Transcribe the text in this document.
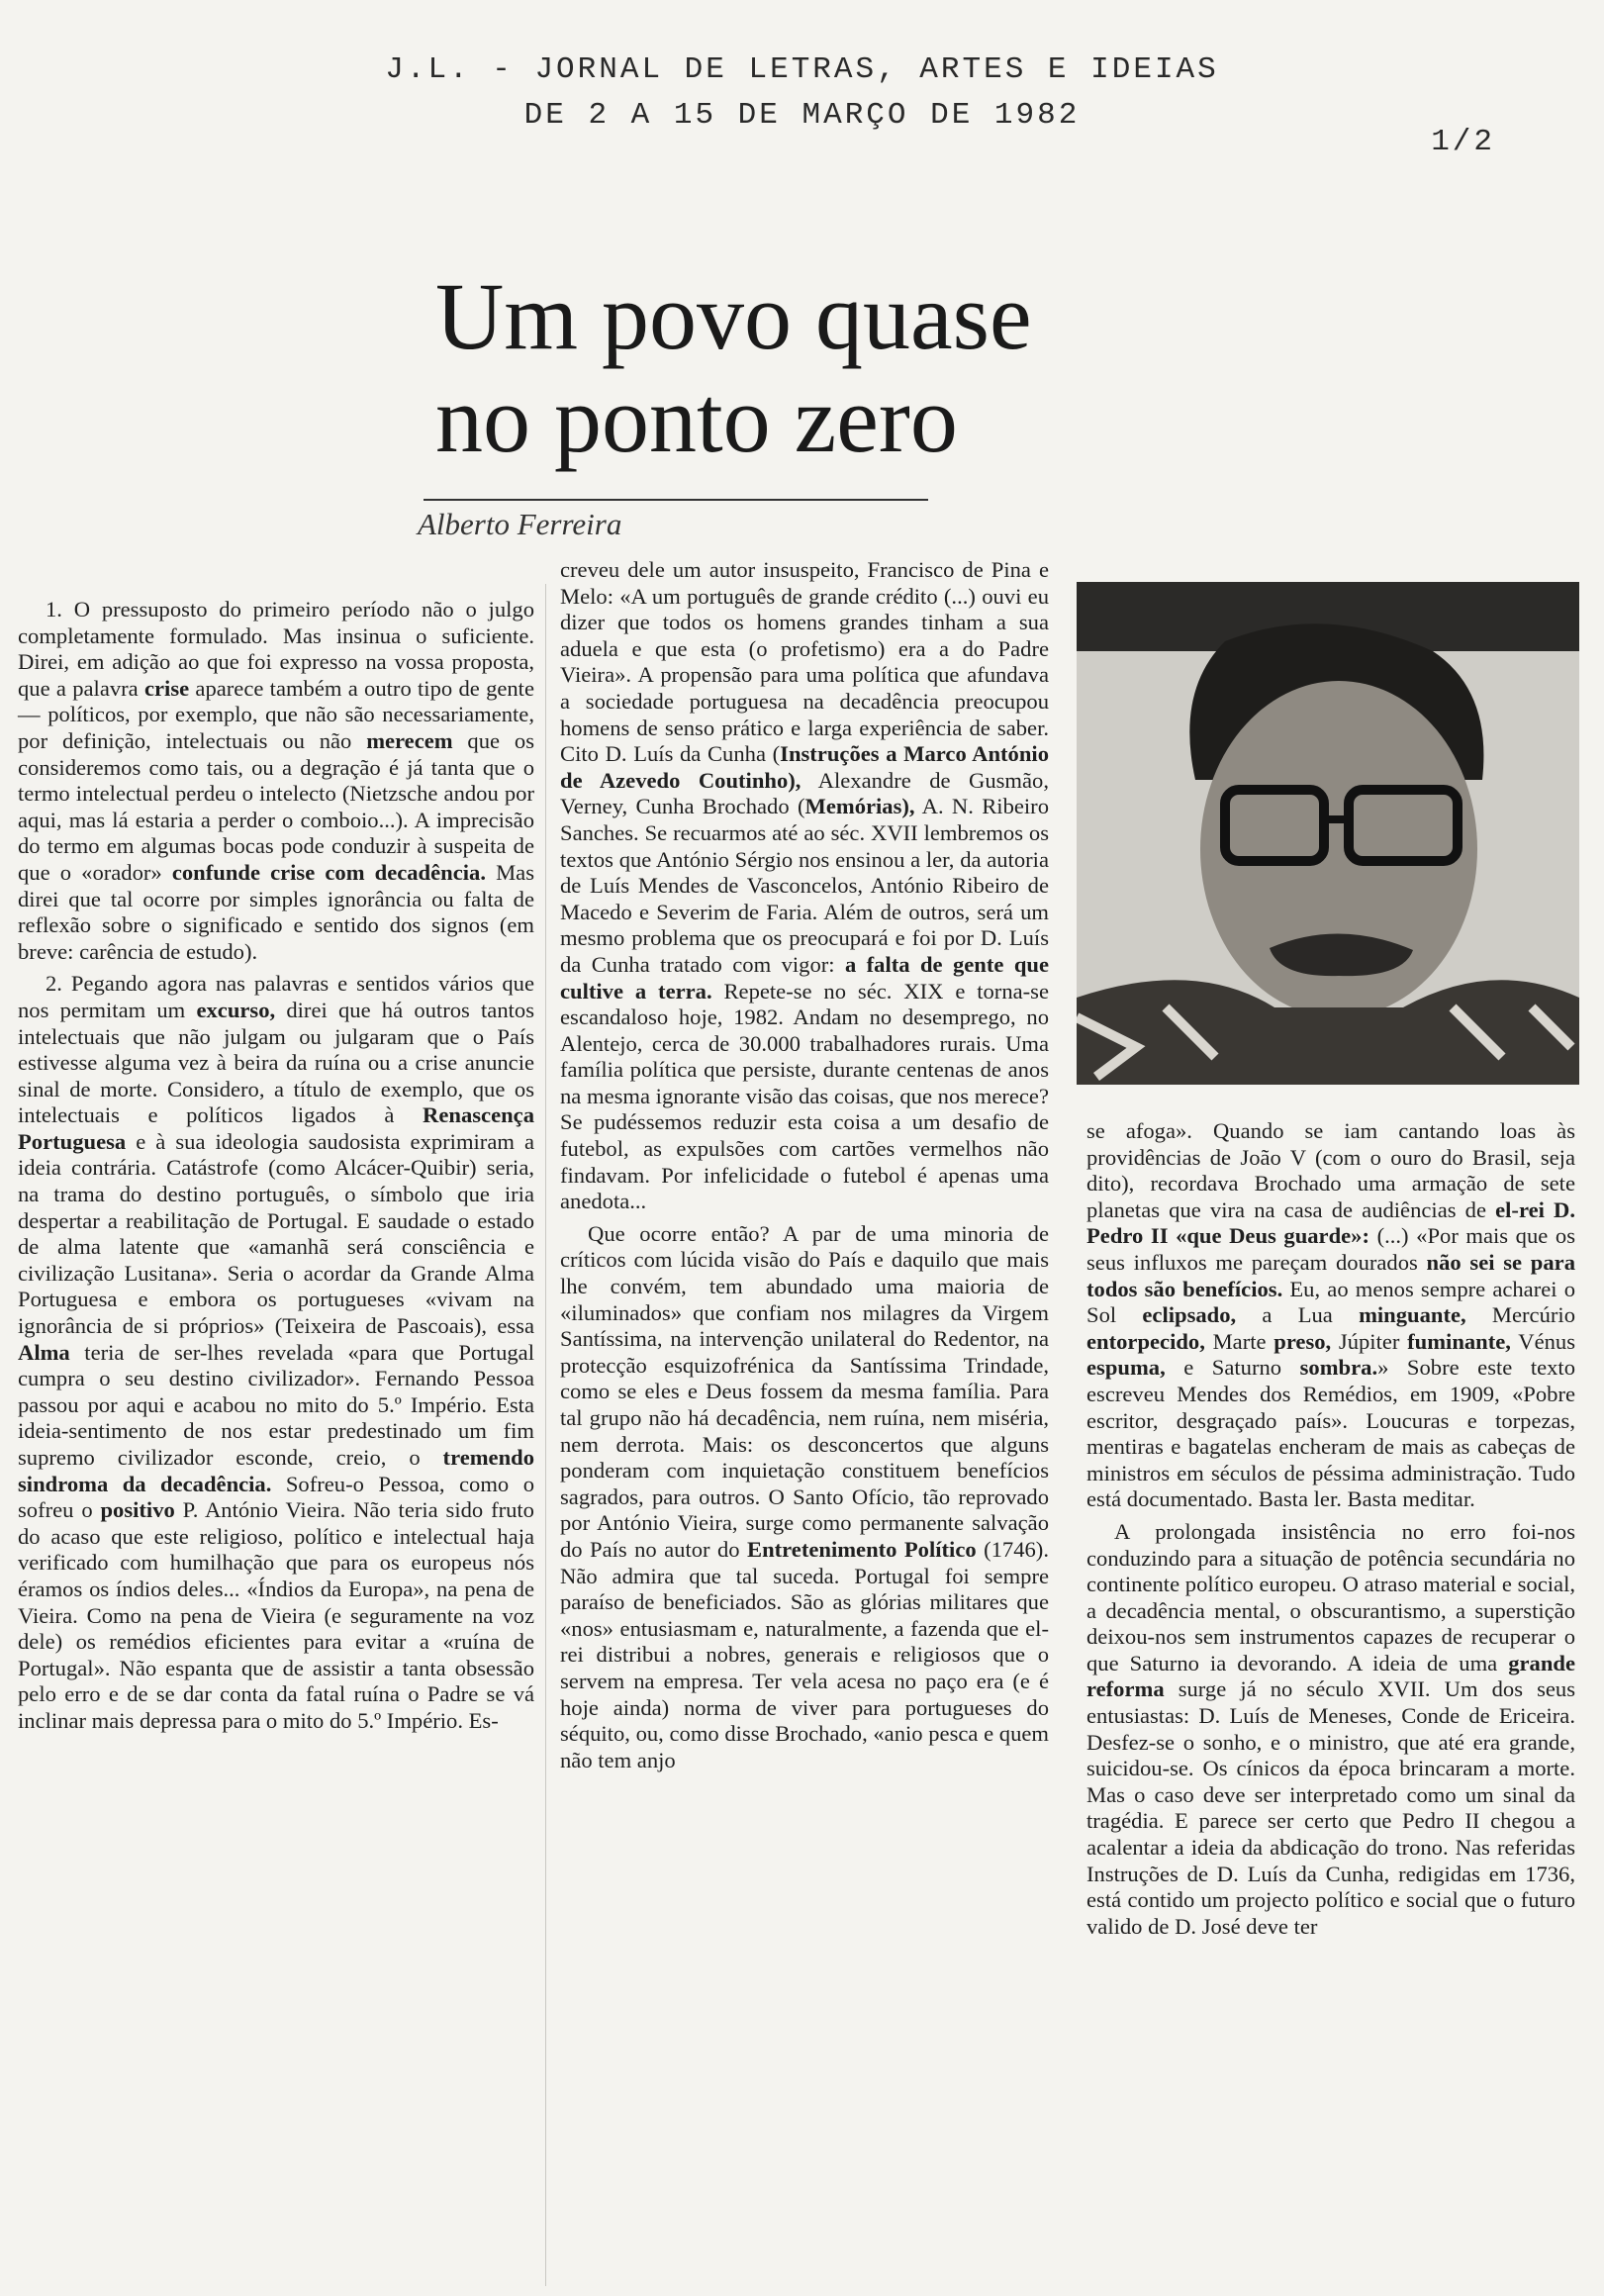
J.L. - JORNAL DE LETRAS, ARTES E IDEIAS
DE 2 A 15 DE MARÇO DE 1982
1/2
Um povo quase
no ponto zero
Alberto Ferreira

1. O pressuposto do primeiro período não o julgo completamente formulado. Mas insinua o suficiente. Direi, em adição ao que foi expresso na vossa proposta, que a palavra crise aparece também a outro tipo de gente — políticos, por exemplo, que não são necessariamente, por definição, intelectuais ou não merecem que os consideremos como tais, ou a degração é já tanta que o termo intelectual perdeu o intelecto (Nietzsche andou por aqui, mas lá estaria a perder o comboio...). A imprecisão do termo em algumas bocas pode conduzir à suspeita de que o «orador» confunde crise com decadência. Mas direi que tal ocorre por simples ignorância ou falta de reflexão sobre o significado e sentido dos signos (em breve: carência de estudo).

2. Pegando agora nas palavras e sentidos vários que nos permitam um excurso, direi que há outros tantos intelectuais que não julgam ou julgaram que o País estivesse alguma vez à beira da ruína ou a crise anuncie sinal de morte. Considero, a título de exemplo, que os intelectuais e políticos ligados à Renascença Portuguesa e à sua ideologia saudosista exprimiram a ideia contrária. Catástrofe (como Alcácer-Quibir) seria, na trama do destino português, o símbolo que iria despertar a reabilitação de Portugal. E saudade o estado de alma latente que «amanhã será consciência e civilização Lusitana». Seria o acordar da Grande Alma Portuguesa e embora os portugueses «vivam na ignorância de si próprios» (Teixeira de Pascoais), essa Alma teria de ser-lhes revelada «para que Portugal cumpra o seu destino civilizador». Fernando Pessoa passou por aqui e acabou no mito do 5.º Império. Esta ideia-sentimento de nos estar predestinado um fim supremo civilizador esconde, creio, o tremendo sindroma da decadência. Sofreu-o Pessoa, como o sofreu o positivo P. António Vieira. Não teria sido fruto do acaso que este religioso, político e intelectual haja verificado com humilhação que para os europeus nós éramos os índios deles... «Índios da Europa», na pena de Vieira. Como na pena de Vieira (e seguramente na voz dele) os remédios eficientes para evitar a «ruína de Portugal». Não espanta que de assistir a tanta obsessão pelo erro e de se dar conta da fatal ruína o Padre se vá inclinar mais depressa para o mito do 5.º Império. Es-

creveu dele um autor insuspeito, Francisco de Pina e Melo: «A um português de grande crédito (...) ouvi eu dizer que todos os homens grandes tinham a sua aduela e que esta (o profetismo) era a do Padre Vieira». A propensão para uma política que afundava a sociedade portuguesa na decadência preocupou homens de senso prático e larga experiência de saber. Cito D. Luís da Cunha (Instruções a Marco António de Azevedo Coutinho), Alexandre de Gusmão, Verney, Cunha Brochado (Memórias), A. N. Ribeiro Sanches. Se recuarmos até ao séc. XVII lembremos os textos que António Sérgio nos ensinou a ler, da autoria de Luís Mendes de Vasconcelos, António Ribeiro de Macedo e Severim de Faria. Além de outros, será um mesmo problema que os preocupará e foi por D. Luís da Cunha tratado com vigor: a falta de gente que cultive a terra. Repete-se no séc. XIX e torna-se escandaloso hoje, 1982. Andam no desemprego, no Alentejo, cerca de 30.000 trabalhadores rurais. Uma família política que persiste, durante centenas de anos na mesma ignorante visão das coisas, que nos merece? Se pudéssemos reduzir esta coisa a um desafio de futebol, as expulsões com cartões vermelhos não findavam. Por infelicidade o futebol é apenas uma anedota...

Que ocorre então? A par de uma minoria de críticos com lúcida visão do País e daquilo que mais lhe convém, tem abundado uma maioria de «iluminados» que confiam nos milagres da Virgem Santíssima, na intervenção unilateral do Redentor, na protecção esquizofrénica da Santíssima Trindade, como se eles e Deus fossem da mesma família. Para tal grupo não há decadência, nem ruína, nem miséria, nem derrota. Mais: os desconcertos que alguns ponderam com inquietação constituem benefícios sagrados, para outros. O Santo Ofício, tão reprovado por António Vieira, surge como permanente salvação do País no autor do Entretenimento Político (1746). Não admira que tal suceda. Portugal foi sempre paraíso de beneficiados. São as glórias militares que «nos» entusiasmam e, naturalmente, a fazenda que el-rei distribui a nobres, generais e religiosos que o servem na empresa. Ter vela acesa no paço era (e é hoje ainda) norma de viver para portugueses do séquito, ou, como disse Brochado, «anio pesca e quem não tem anjo

se afoga». Quando se iam cantando loas às providências de João V (com o ouro do Brasil, seja dito), recordava Brochado uma armação de sete planetas que vira na casa de audiências de el-rei D. Pedro II «que Deus guarde»: (...) «Por mais que os seus influxos me pareçam dourados não sei se para todos são benefícios. Eu, ao menos sempre acharei o Sol eclipsado, a Lua minguante, Mercúrio entorpecido, Marte preso, Júpiter fuminante, Vénus espuma, e Saturno sombra.» Sobre este texto escreveu Mendes dos Remédios, em 1909, «Pobre escritor, desgraçado país». Loucuras e torpezas, mentiras e bagatelas encheram de mais as cabeças de ministros em séculos de péssima administração. Tudo está documentado. Basta ler. Basta meditar.

A prolongada insistência no erro foi-nos conduzindo para a situação de potência secundária no continente político europeu. O atraso material e social, a decadência mental, o obscurantismo, a superstição deixou-nos sem instrumentos capazes de recuperar o que Saturno ia devorando. A ideia de uma grande reforma surge já no século XVII. Um dos seus entusiastas: D. Luís de Meneses, Conde de Ericeira. Desfez-se o sonho, e o ministro, que até era grande, suicidou-se. Os cínicos da época brincaram a morte. Mas o caso deve ser interpretado como um sinal da tragédia. E parece ser certo que Pedro II chegou a acalentar a ideia da abdicação do trono. Nas referidas Instruções de D. Luís da Cunha, redigidas em 1736, está contido um projecto político e social que o futuro valido de D. José deve ter
